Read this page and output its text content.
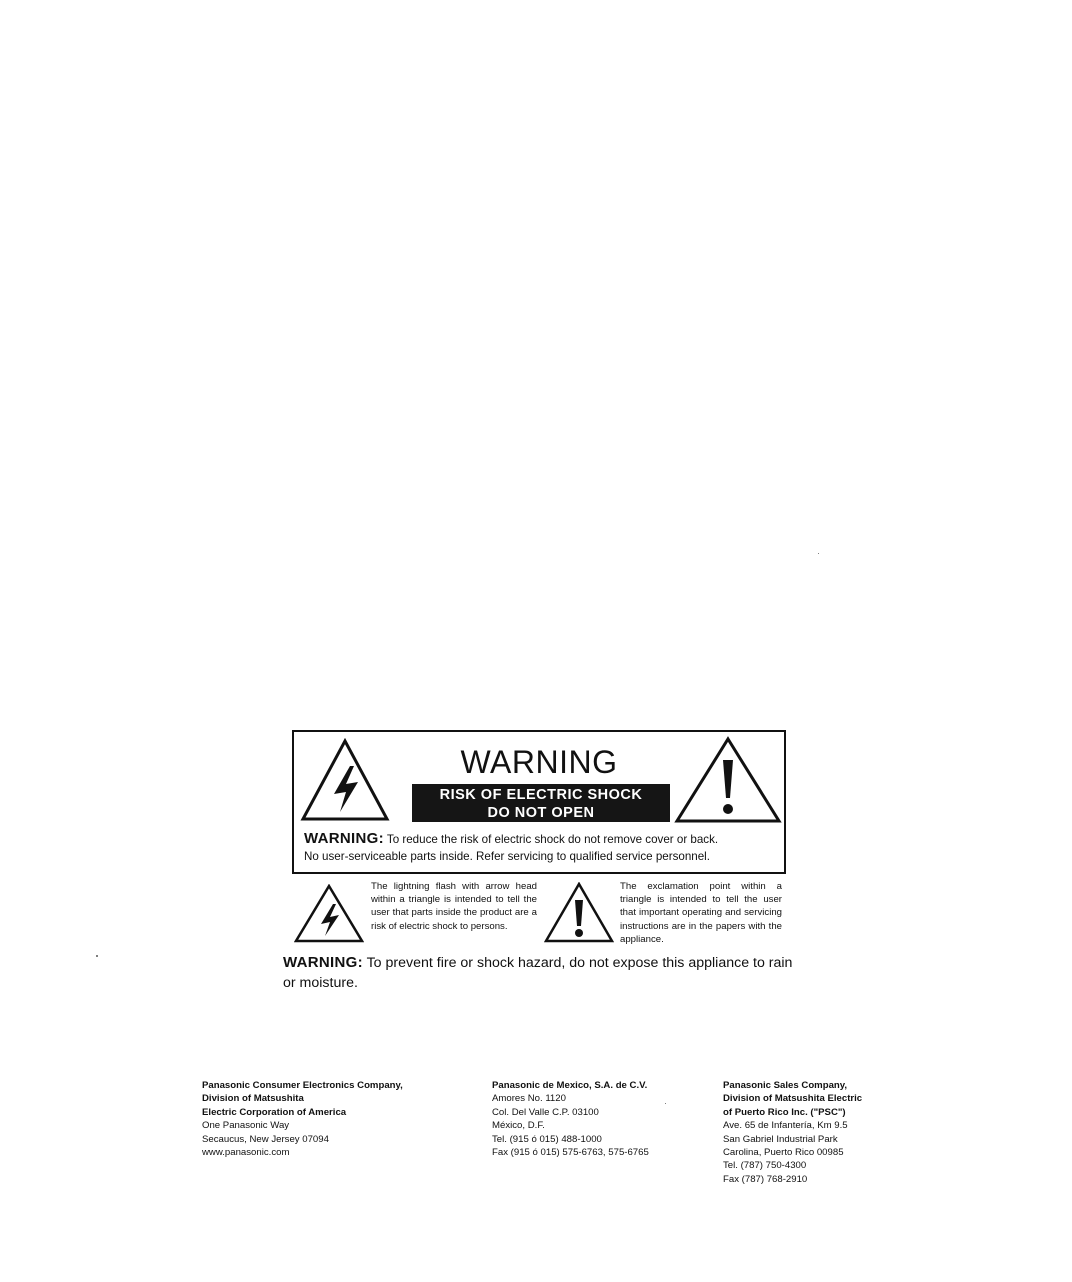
WARNING
RISK OF ELECTRIC SHOCK
DO NOT OPEN
WARNING: To reduce the risk of electric shock do not remove cover or back.
No user-serviceable parts inside. Refer servicing to qualified service personnel.
The lightning flash with arrow head within a triangle is intended to tell the user that parts inside the product are a risk of electric shock to persons.
The exclamation point within a triangle is intended to tell the user that important operating and servicing instructions are in the papers with the appliance.
WARNING: To prevent fire or shock hazard, do not expose this appliance to rain or moisture.
Panasonic Consumer Electronics Company,
Division of Matsushita
Electric Corporation of America
One Panasonic Way
Secaucus, New Jersey 07094
www.panasonic.com
Panasonic de Mexico, S.A. de C.V.
Amores No. 1120
Col. Del Valle C.P. 03100
México, D.F.
Tel. (915 ó 015) 488-1000
Fax (915 ó 015) 575-6763, 575-6765
Panasonic Sales Company,
Division of Matsushita Electric
of Puerto Rico Inc. ("PSC")
Ave. 65 de Infantería, Km 9.5
San Gabriel Industrial Park
Carolina, Puerto Rico 00985
Tel. (787) 750-4300
Fax (787) 768-2910
